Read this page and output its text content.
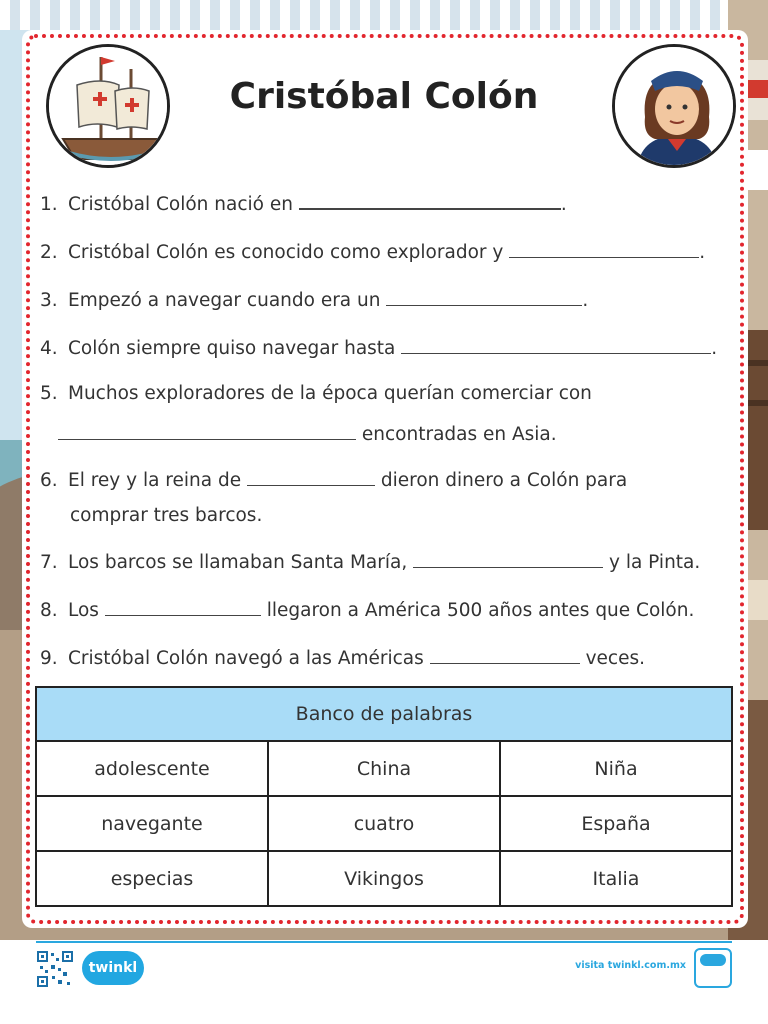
Cristóbal Colón
1. Cristóbal Colón nació en	.
2. Cristóbal Colón es conocido como explorador y	.
3. Empezó a navegar cuando era un	.
4. Colón siempre quiso navegar hasta	.
5. Muchos exploradores de la época querían comerciar con
encontradas en Asia.
6. El rey y la reina de	dieron dinero a Colón para
comprar tres barcos.
7. Los barcos se llamaban Santa María,	y la Pinta.
8. Los	llegaron a América 500 años antes que Colón.
9. Cristóbal Colón navegó a las Américas	veces.
Banco de palabras		
adolescente	China	Niña
navegante	cuatro	España
especias	Vikingos	Italia
twinkl	visita twinkl.com.mx
